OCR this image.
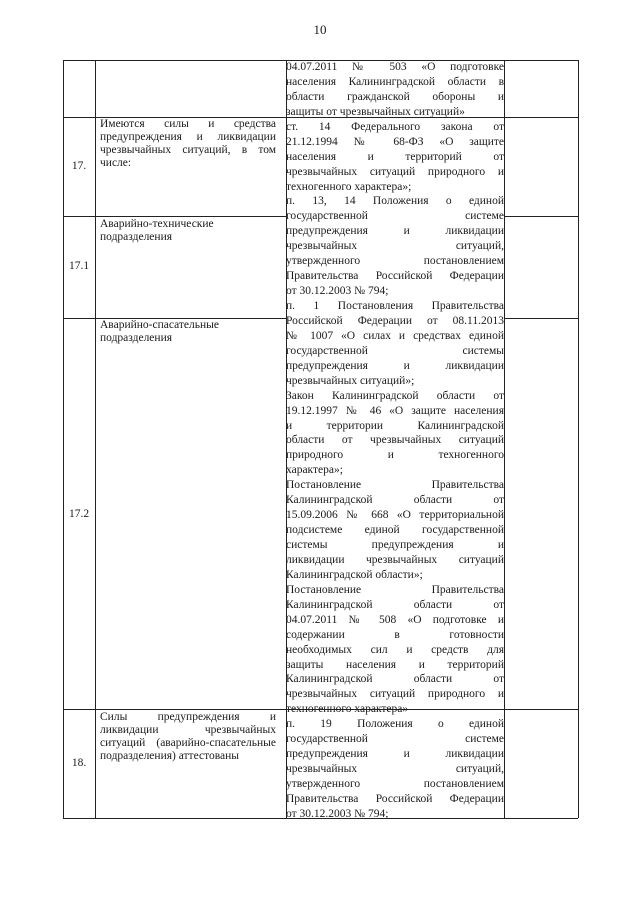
10
17.
17.1
17.2
18.
Имеются силы и средства предупреждения и ликвидации чрезвычайных ситуаций, в том числе:
Аварийно-технические подразделения
Аварийно-спасательные подразделения
Силы предупреждения и ликвидации чрезвычайных ситуаций (аварийно-спасательные подразделения) аттестованы
04.07.2011 № 503 «О подготовке
населения Калининградской области в
области гражданской обороны и
защиты от чрезвычайных ситуаций»
ст. 14 Федерального закона от
21.12.1994 № 68-ФЗ «О защите
населения и территорий от
чрезвычайных ситуаций природного и
техногенного характера»;
п. 13, 14 Положения о единой
государственной системе
предупреждения и ликвидации
чрезвычайных ситуаций,
утвержденного постановлением
Правительства Российской Федерации
от 30.12.2003 № 794;
п. 1 Постановления Правительства
Российской Федерации от 08.11.2013
№ 1007 «О силах и средствах единой
государственной системы
предупреждения и ликвидации
чрезвычайных ситуаций»;
Закон Калининградской области от
19.12.1997 № 46 «О защите населения
и территории Калининградской
области от чрезвычайных ситуаций
природного и техногенного
характера»;
Постановление Правительства
Калининградской области от
15.09.2006 № 668 «О территориальной
подсистеме единой государственной
системы предупреждения и
ликвидации чрезвычайных ситуаций
Калининградской области»;
Постановление Правительства
Калининградской области от
04.07.2011 № 508 «О подготовке и
содержании в готовности
необходимых сил и средств для
защиты населения и территорий
Калининградской области от
чрезвычайных ситуаций природного и
техногенного характера»
п. 19 Положения о единой
государственной системе
предупреждения и ликвидации
чрезвычайных ситуаций,
утвержденного постановлением
Правительства Российской Федерации
от 30.12.2003 № 794;
